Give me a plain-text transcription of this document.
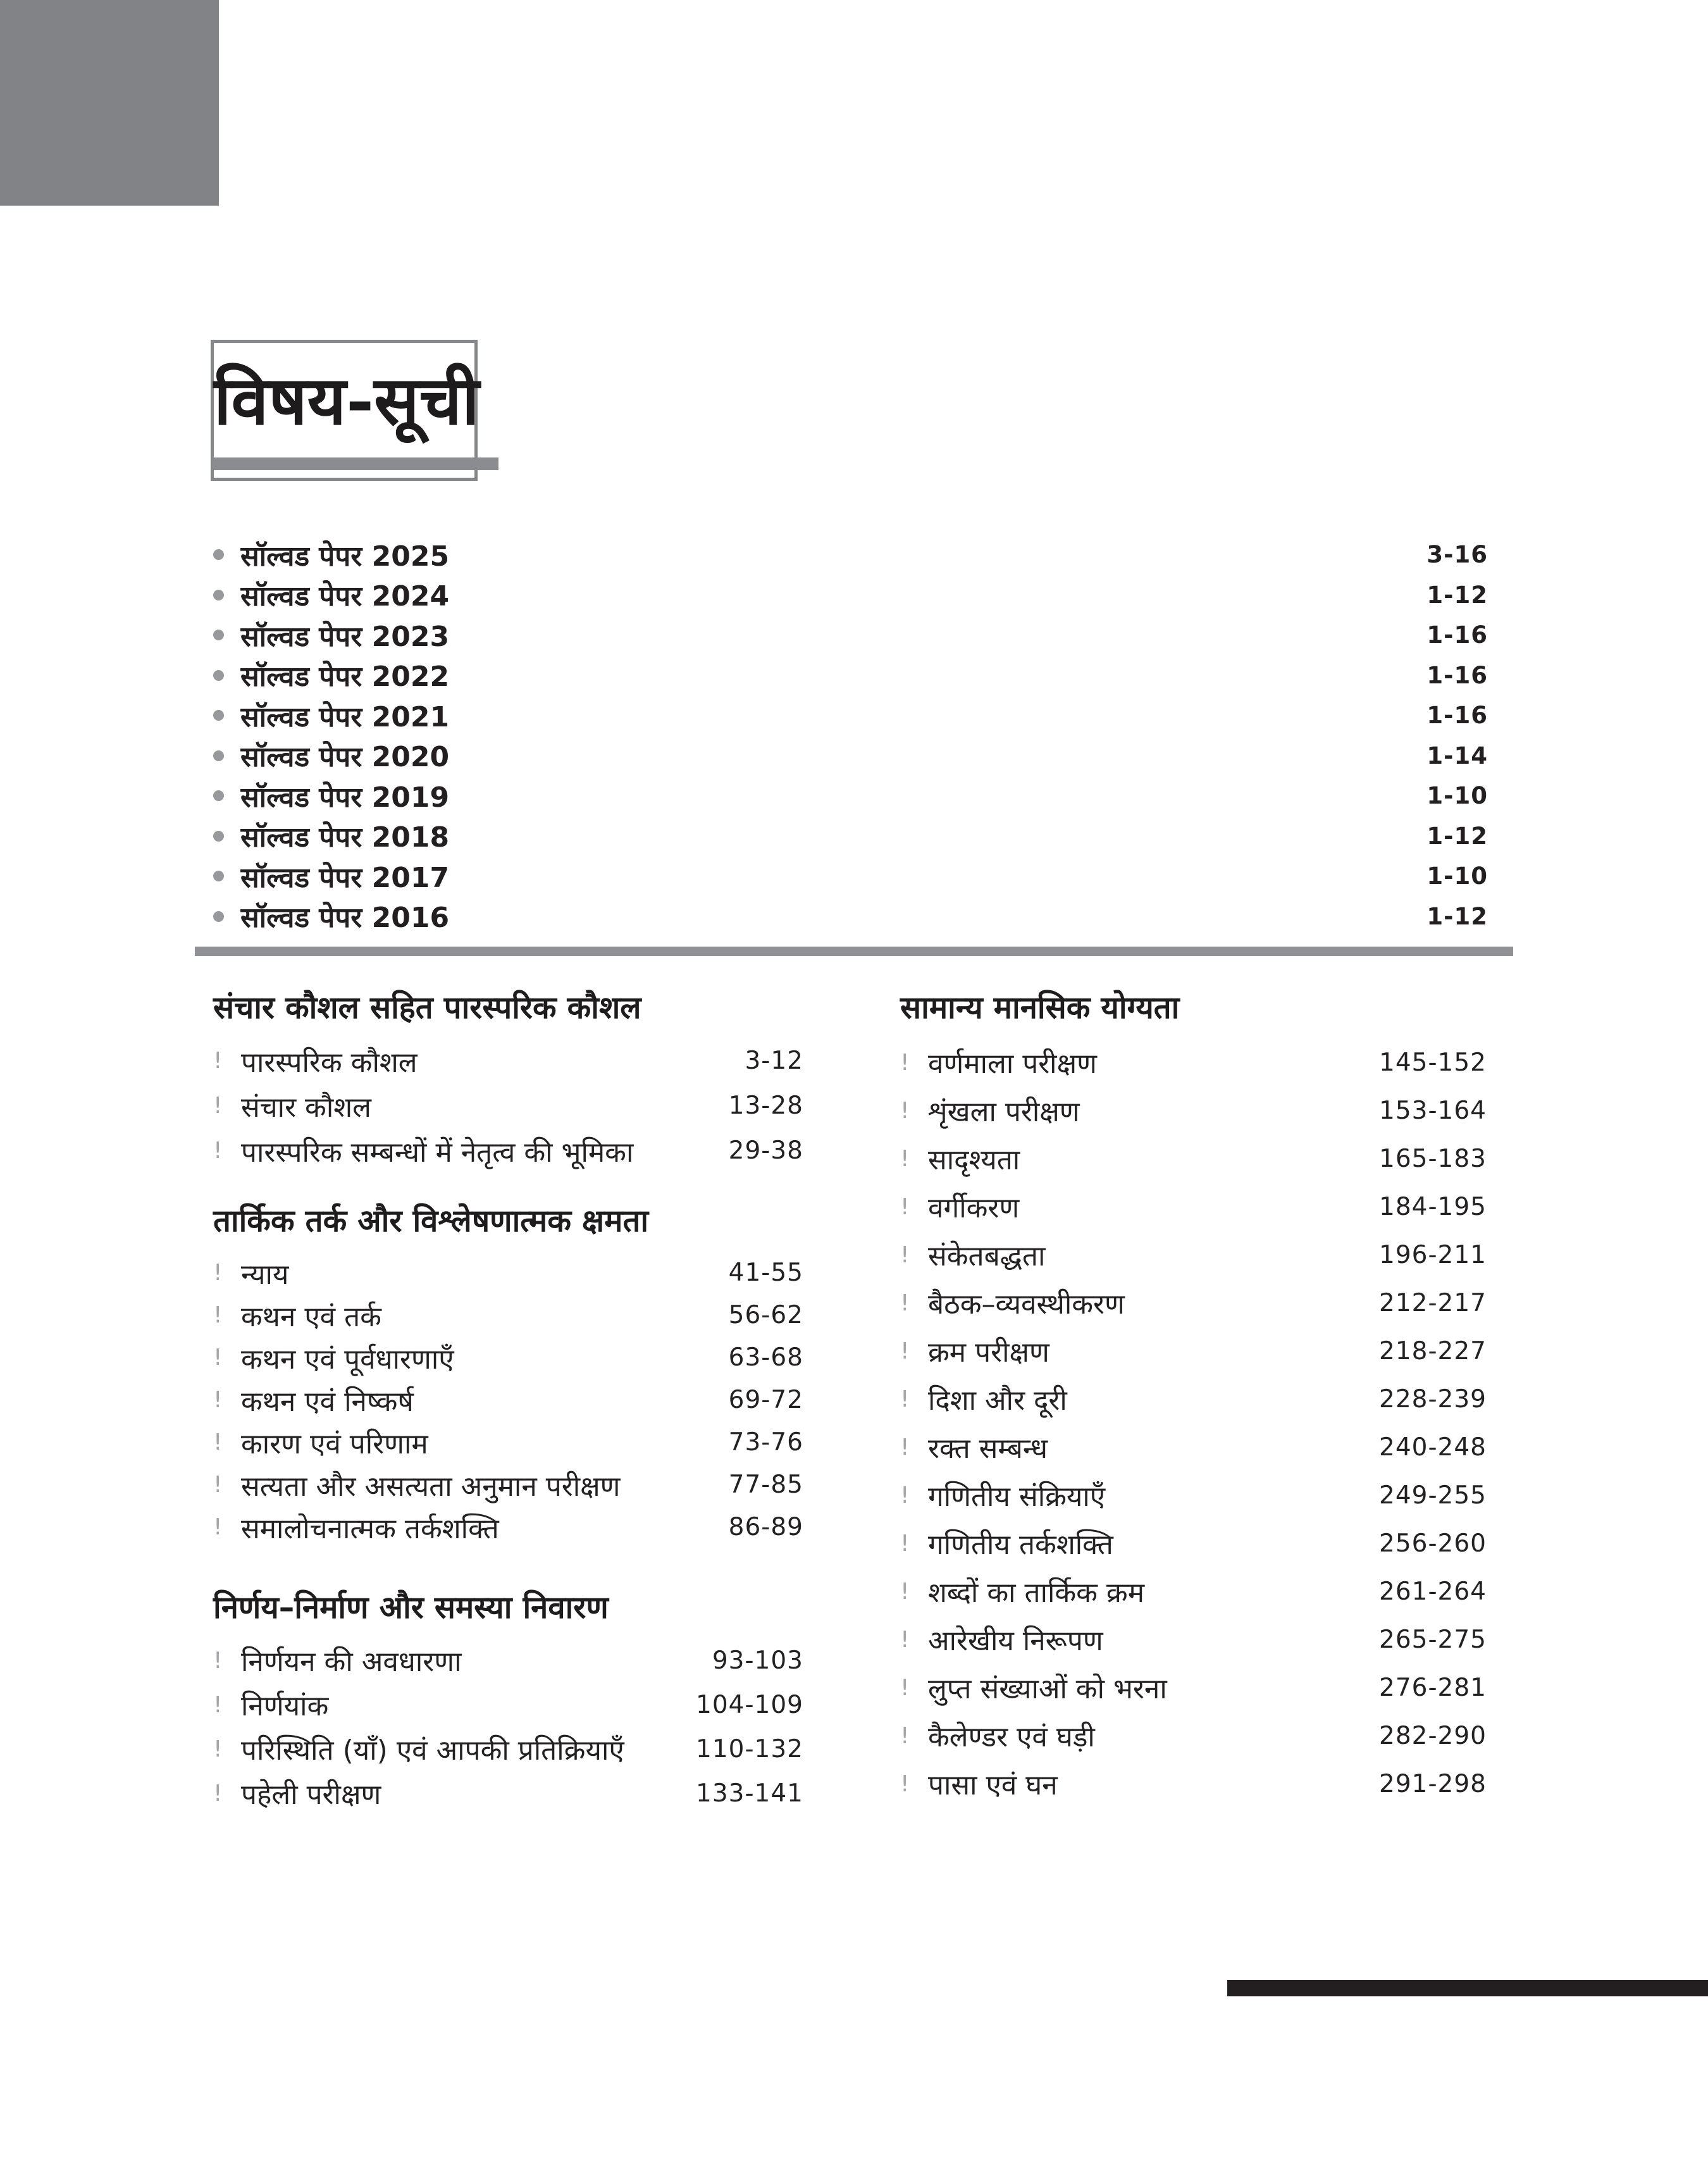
विषय-सूची
सॉल्वड पेपर 2025	3-16
सॉल्वड पेपर 2024	1-12
सॉल्वड पेपर 2023	1-16
सॉल्वड पेपर 2022	1-16
सॉल्वड पेपर 2021	1-16
सॉल्वड पेपर 2020	1-14
सॉल्वड पेपर 2019	1-10
सॉल्वड पेपर 2018	1-12
सॉल्वड पेपर 2017	1-10
सॉल्वड पेपर 2016	1-12
संचार कौशल सहित पारस्परिक कौशल
! पारस्परिक कौशल	3-12
! संचार कौशल	13-28
! पारस्परिक सम्बन्धों में नेतृत्व की भूमिका	29-38
तार्किक तर्क और विश्लेषणात्मक क्षमता
! न्याय	41-55
! कथन एवं तर्क	56-62
! कथन एवं पूर्वधारणाएँ	63-68
! कथन एवं निष्कर्ष	69-72
! कारण एवं परिणाम	73-76
! सत्यता और असत्यता अनुमान परीक्षण	77-85
! समालोचनात्मक तर्कशक्ति	86-89
निर्णय–निर्माण और समस्या निवारण
! निर्णयन की अवधारणा	93-103
! निर्णयांक	104-109
! परिस्थिति (याँ) एवं आपकी प्रतिक्रियाएँ	110-132
! पहेली परीक्षण	133-141
सामान्य मानसिक योग्यता
! वर्णमाला परीक्षण	145-152
! शृंखला परीक्षण	153-164
! सादृश्यता	165-183
! वर्गीकरण	184-195
! संकेतबद्धता	196-211
! बैठक–व्यवस्थीकरण	212-217
! क्रम परीक्षण	218-227
! दिशा और दूरी	228-239
! रक्त सम्बन्ध	240-248
! गणितीय संक्रियाएँ	249-255
! गणितीय तर्कशक्ति	256-260
! शब्दों का तार्किक क्रम	261-264
! आरेखीय निरूपण	265-275
! लुप्त संख्याओं को भरना	276-281
! कैलेण्डर एवं घड़ी	282-290
! पासा एवं घन	291-298
